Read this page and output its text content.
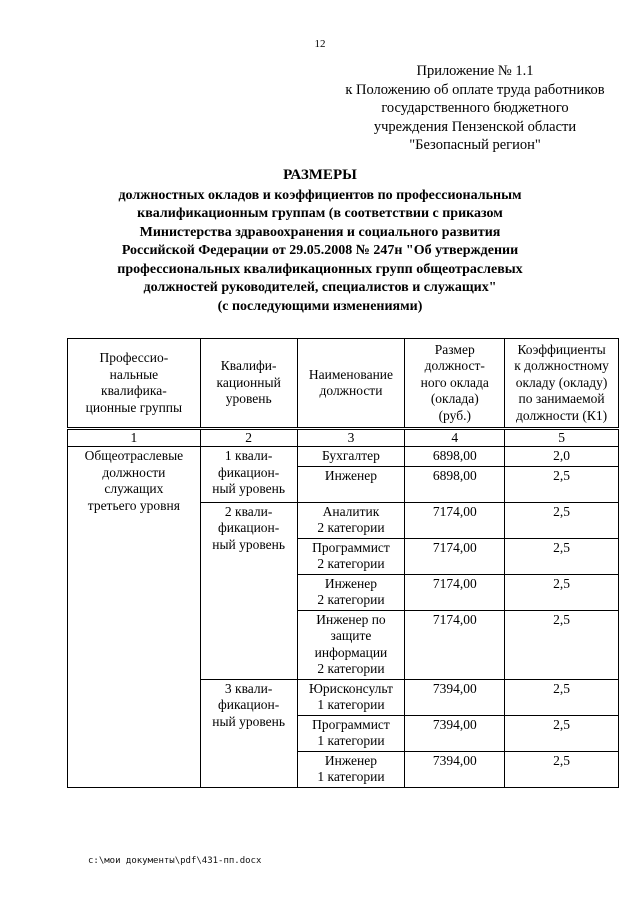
12
Приложение № 1.1
к Положению об оплате труда работников
государственного бюджетного
учреждения Пензенской области
"Безопасный регион"
РАЗМЕРЫ
должностных окладов и коэффициентов по профессиональным
квалификационным группам (в соответствии с приказом
Министерства здравоохранения и социального развития
Российской Федерации от 29.05.2008 № 247н "Об утверждении
профессиональных квалификационных групп общеотраслевых
должностей руководителей, специалистов и служащих"
(с последующими изменениями)
Профессио-
нальные
квалифика-
ционные группы	Квалифи-
кационный
уровень	Наименование
должности	Размер
должност-
ного оклада
(оклада)
(руб.)	Коэффициенты
к должностному
окладу (окладу)
по занимаемой
должности (К1)
1	2	3	4	5
Общеотраслевые
должности
служащих
третьего уровня	1 квали-
фикацион-
ный уровень	Бухгалтер	6898,00	2,0
		Инженер	6898,00	2,5
	2 квали-
фикацион-
ный уровень	Аналитик
2 категории	7174,00	2,5
		Программист
2 категории	7174,00	2,5
		Инженер
2 категории	7174,00	2,5
		Инженер по
защите
информации
2 категории	7174,00	2,5
	3 квали-
фикацион-
ный уровень	Юрисконсульт
1 категории	7394,00	2,5
		Программист
1 категории	7394,00	2,5
		Инженер
1 категории	7394,00	2,5
c:\мои документы\pdf\431-пп.docx
